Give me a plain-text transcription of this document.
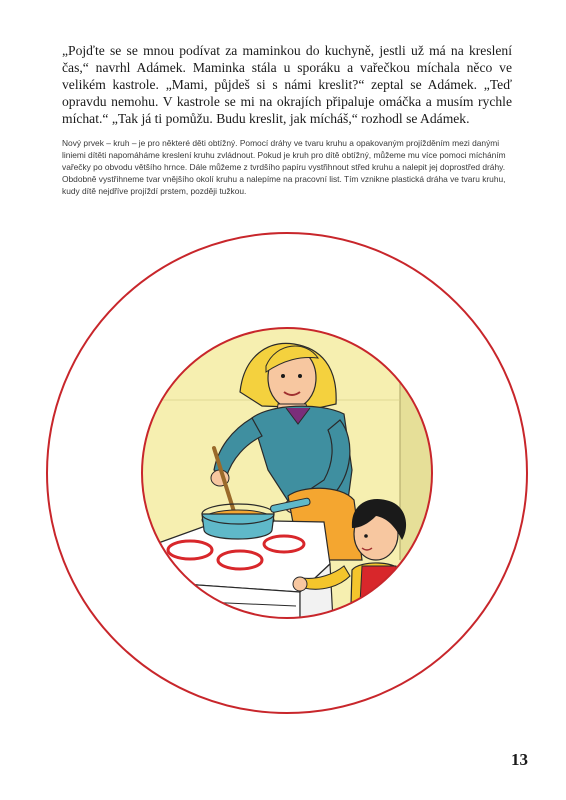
„Pojďte se se mnou podívat za maminkou do kuchyně, jestli už má na kreslení čas,“ navrhl Adámek. Maminka stála u sporáku a vařečkou míchala něco ve velikém kastrole. „Mami, půjdeš si s námi kreslit?“ zeptal se Adámek. „Teď opravdu nemohu. V kastrole se mi na okrajích připaluje omáčka a musím rychle míchat.“ „Tak já ti pomůžu. Budu kreslit, jak mícháš,“ rozhodl se Adámek.
Nový prvek – kruh – je pro některé děti obtížný. Pomocí dráhy ve tvaru kruhu a opakovaným projížděním mezi danými liniemi dítěti napomáháme kreslení kruhu zvládnout. Pokud je kruh pro dítě obtížný, můžeme mu více pomoci mícháním vařečky po obvodu většího hrnce. Dále můžeme z tvrdšího papíru vystřihnout střed kruhu a nalepit jej doprostřed dráhy. Obdobně vystřihneme tvar vnějšího okolí kruhu a nalepíme na pracovní list. Tím vznikne plastická dráha ve tvaru kruhu, kudy dítě nejdříve projíždí prstem, později tužkou.
13
